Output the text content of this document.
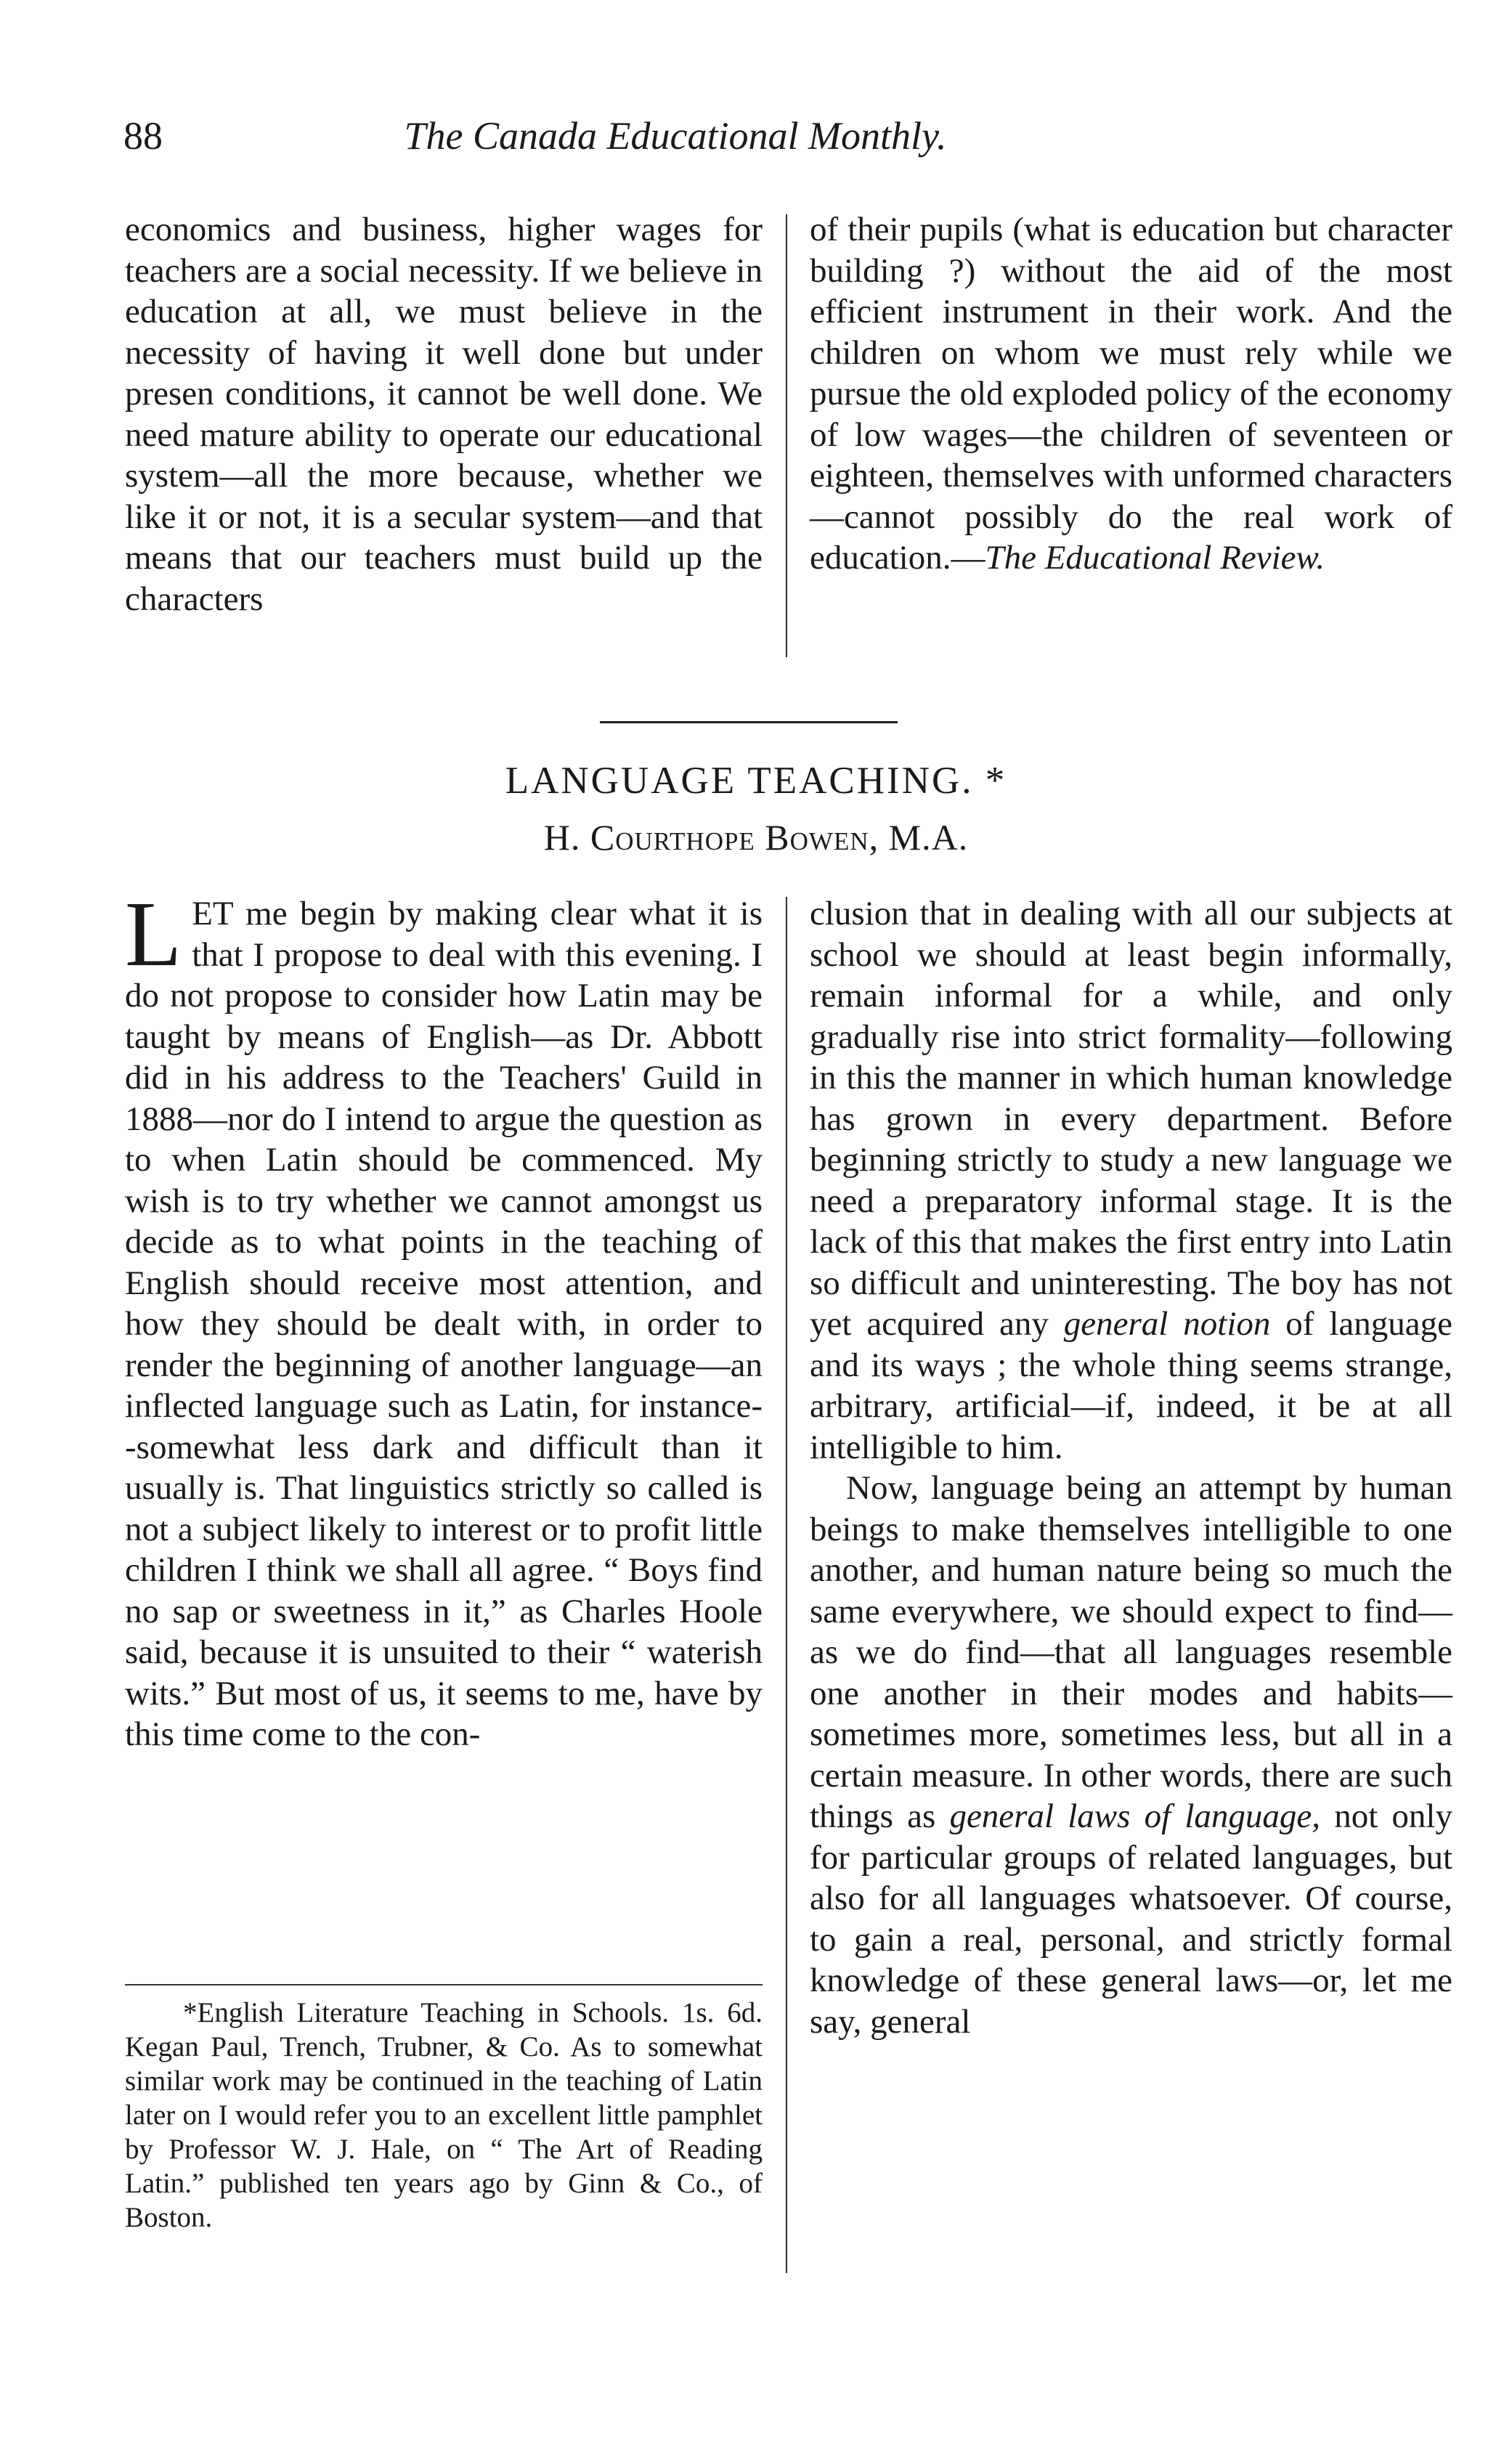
88	The Canada Educational Monthly.

economics and business, higher wages for teachers are a social necessity. If we believe in education at all, we must believe in the necessity of having it well done but under presen conditions, it cannot be well done. We need mature ability to operate our educational system—all the more because, whether we like it or not, it is a secular system—and that means that our teachers must build up the characters

of their pupils (what is education but character building ?) without the aid of the most efficient instrument in their work. And the children on whom we must rely while we pursue the old exploded policy of the economy of low wages—the children of seventeen or eighteen, themselves with unformed characters—cannot possibly do the real work of education.—The Educational Review.

LANGUAGE TEACHING. *
H. Courthope Bowen, M.A.

LET me begin by making clear what it is that I propose to deal with this evening. I do not propose to consider how Latin may be taught by means of English—as Dr. Abbott did in his address to the Teachers' Guild in 1888—nor do I intend to argue the question as to when Latin should be commenced. My wish is to try whether we cannot amongst us decide as to what points in the teaching of English should receive most attention, and how they should be dealt with, in order to render the beginning of another language—an inflected language such as Latin, for instance--somewhat less dark and difficult than it usually is. That linguistics strictly so called is not a subject likely to interest or to profit little children I think we shall all agree. “ Boys find no sap or sweetness in it,” as Charles Hoole said, because it is unsuited to their “ waterish wits.” But most of us, it seems to me, have by this time come to the con-

clusion that in dealing with all our subjects at school we should at least begin informally, remain informal for a while, and only gradually rise into strict formality—following in this the manner in which human knowledge has grown in every department. Before beginning strictly to study a new language we need a preparatory informal stage. It is the lack of this that makes the first entry into Latin so difficult and uninteresting. The boy has not yet acquired any general notion of language and its ways ; the whole thing seems strange, arbitrary, artificial—if, indeed, it be at all intelligible to him.

Now, language being an attempt by human beings to make themselves intelligible to one another, and human nature being so much the same everywhere, we should expect to find—as we do find—that all languages resemble one another in their modes and habits—sometimes more, sometimes less, but all in a certain measure. In other words, there are such things as general laws of language, not only for particular groups of related languages, but also for all languages whatsoever. Of course, to gain a real, personal, and strictly formal knowledge of these general laws—or, let me say, general

*English Literature Teaching in Schools. 1s. 6d. Kegan Paul, Trench, Trubner, & Co. As to somewhat similar work may be continued in the teaching of Latin later on I would refer you to an excellent little pamphlet by Professor W. J. Hale, on “ The Art of Reading Latin.” published ten years ago by Ginn & Co., of Boston.
